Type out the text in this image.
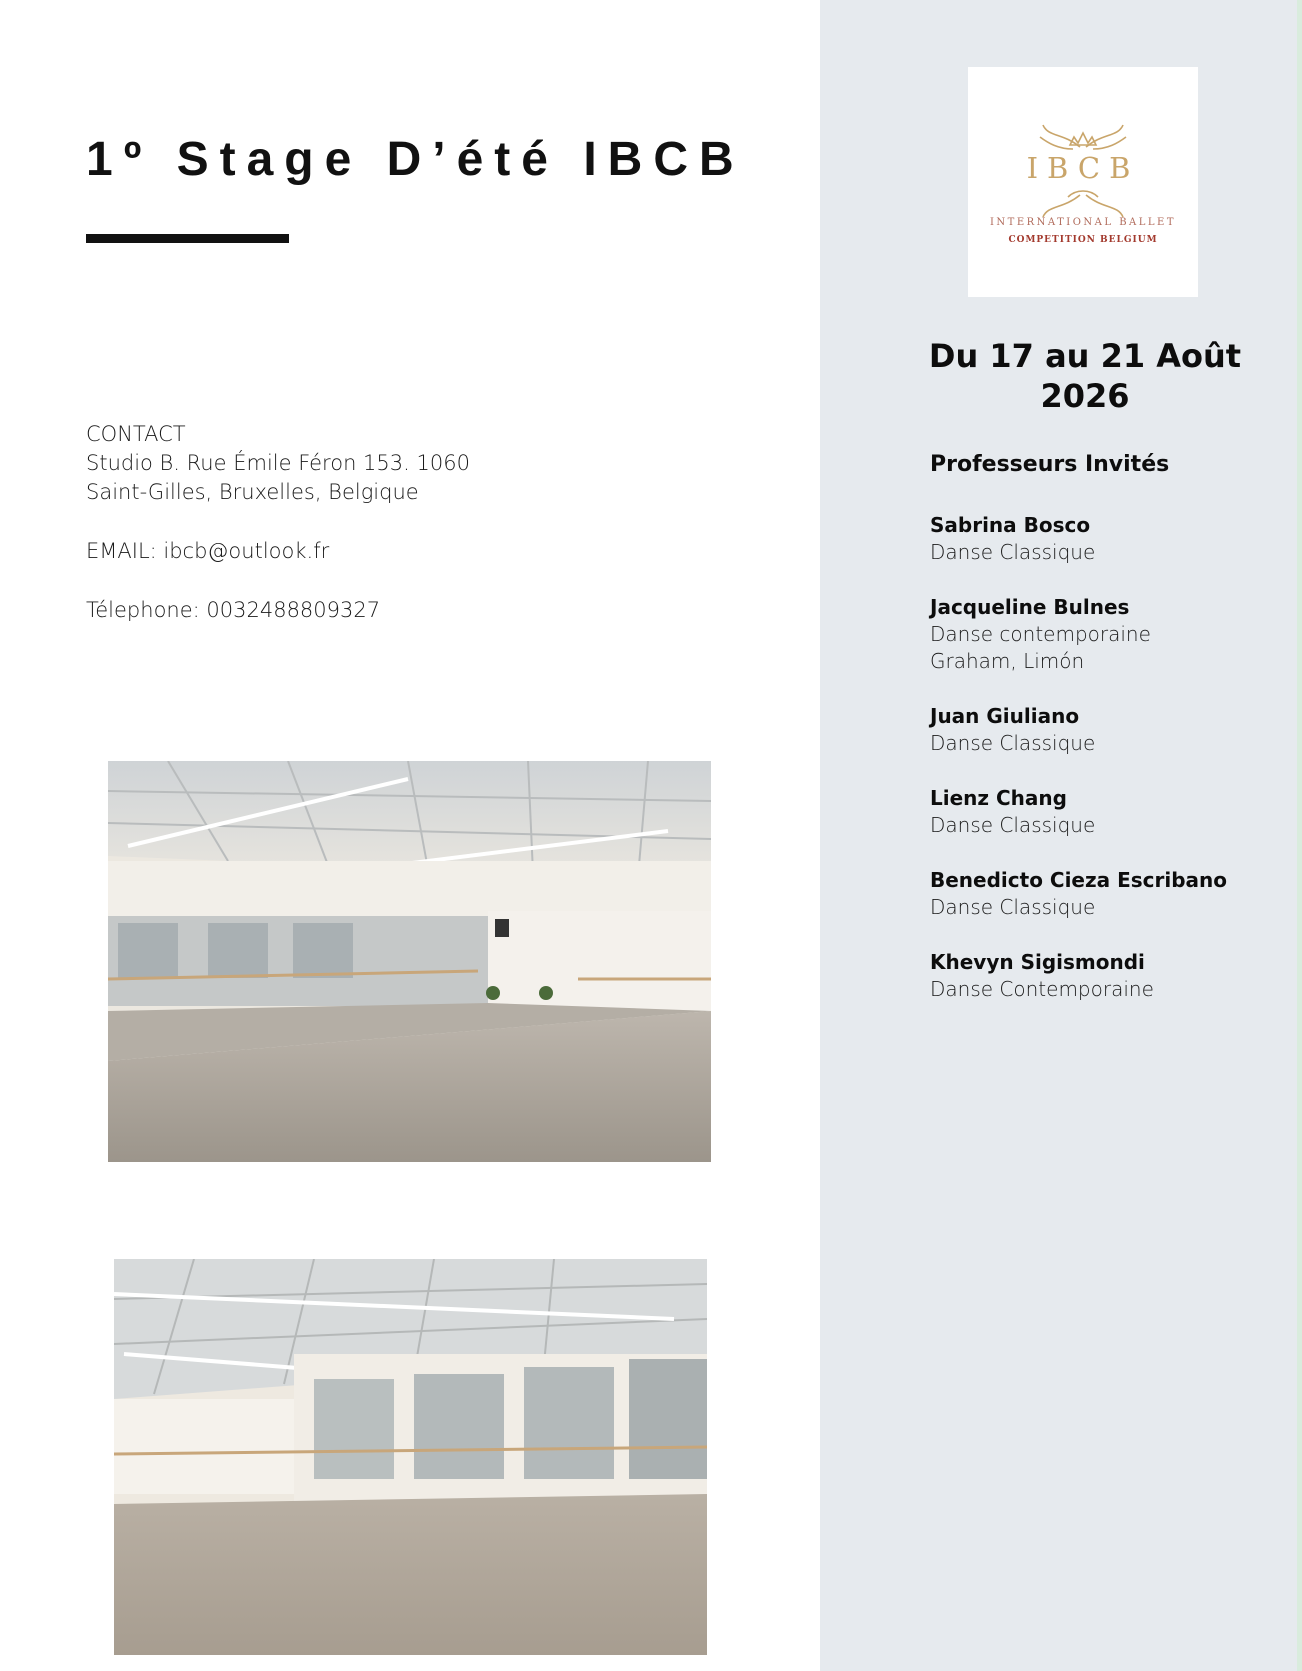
1º Stage D’été IBCB

CONTACT

Studio B. Rue Émile Féron 153. 1060

Saint-Gilles, Bruxelles, Belgique

EMAIL: ibcb@outlook.fr

Télephone: 0032488809327

IBCB
INTERNATIONAL BALLET
COMPETITION BELGIUM
Du 17 au 21 Août
2026
Professeurs Invités
Sabrina Bosco
Danse Classique
Jacqueline Bulnes
Danse contemporaine
Graham, Limón
Juan Giuliano
Danse Classique
Lienz Chang
Danse Classique
Benedicto Cieza Escribano
Danse Classique
Khevyn Sigismondi
Danse Contemporaine
